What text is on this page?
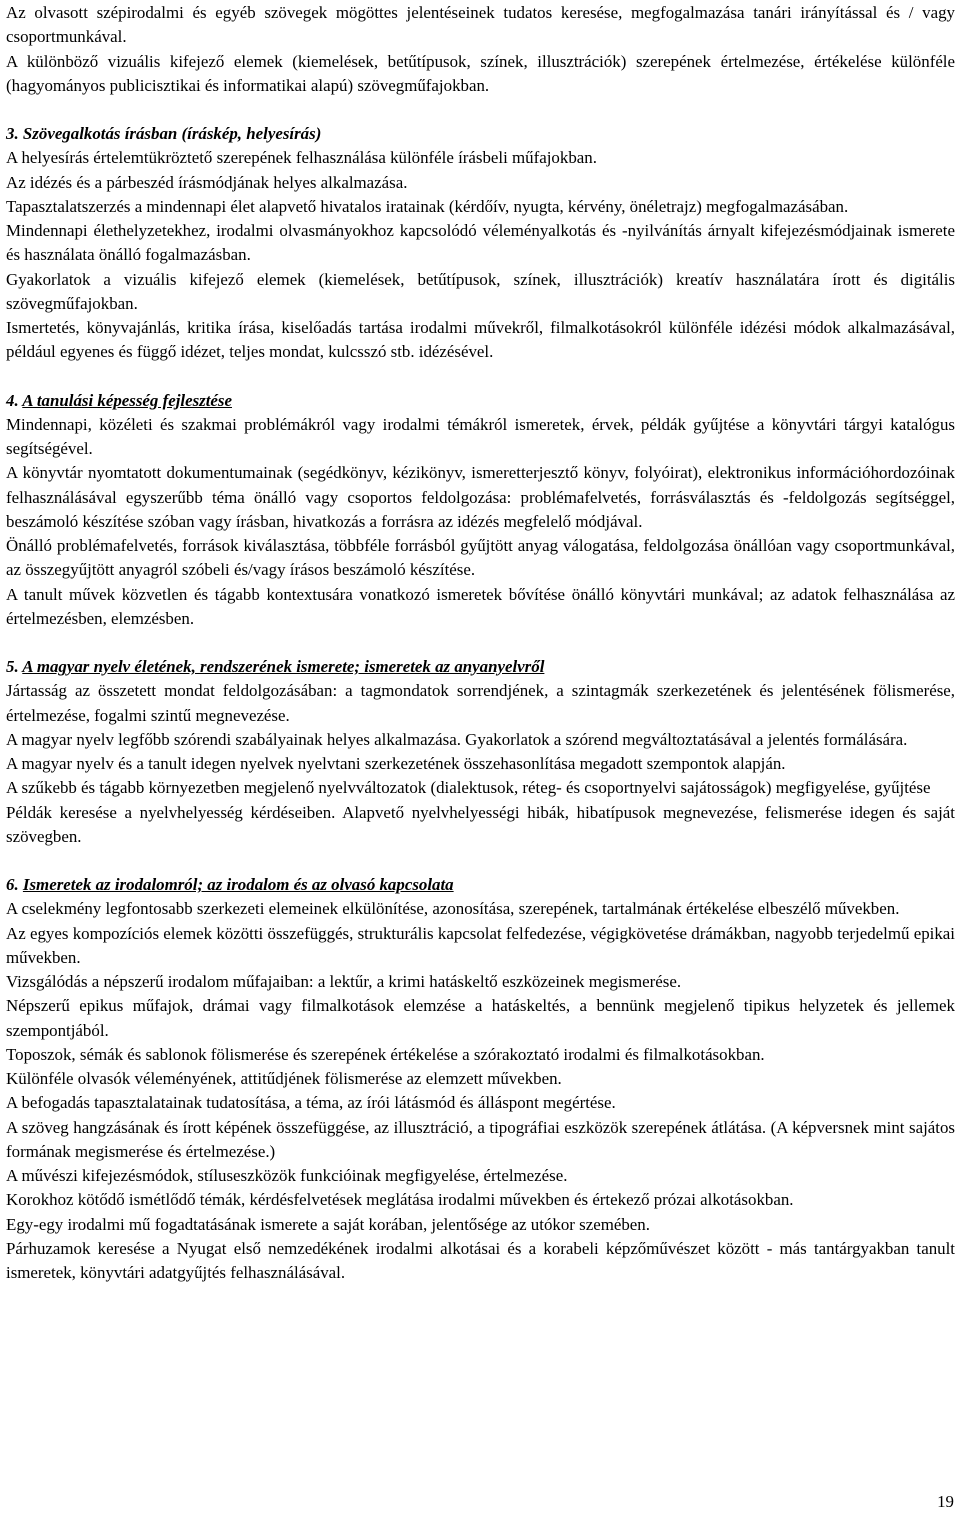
Az olvasott szépirodalmi és egyéb szövegek mögöttes jelentéseinek tudatos keresése, megfogalmazása tanári irányítással és / vagy csoportmunkával.

A különböző vizuális kifejező elemek (kiemelések, betűtípusok, színek, illusztrációk) szerepének értelmezése, értékelése különféle (hagyományos publicisztikai és informatikai alapú) szövegműfajokban.

3. Szövegalkotás írásban (íráskép, helyesírás)

A helyesírás értelemtükröztető szerepének felhasználása különféle írásbeli műfajokban.

Az idézés és a párbeszéd írásmódjának helyes alkalmazása.

Tapasztalatszerzés a mindennapi élet alapvető hivatalos iratainak (kérdőív, nyugta, kérvény, önéletrajz) megfogalmazásában.

Mindennapi élethelyzetekhez, irodalmi olvasmányokhoz kapcsolódó véleményalkotás és -nyilvánítás árnyalt kifejezésmódjainak ismerete és használata önálló fogalmazásban.

Gyakorlatok a vizuális kifejező elemek (kiemelések, betűtípusok, színek, illusztrációk) kreatív használatára írott és digitális szövegműfajokban.

Ismertetés, könyvajánlás, kritika írása, kiselőadás tartása irodalmi művekről, filmalkotásokról különféle idézési módok alkalmazásával, például egyenes és függő idézet, teljes mondat, kulcsszó stb. idézésével.

4. A tanulási képesség fejlesztése

Mindennapi, közéleti és szakmai problémákról vagy irodalmi témákról ismeretek, érvek, példák gyűjtése a könyvtári tárgyi katalógus segítségével.

A könyvtár nyomtatott dokumentumainak (segédkönyv, kézikönyv, ismeretterjesztő könyv, folyóirat), elektronikus információhordozóinak felhasználásával egyszerűbb téma önálló vagy csoportos feldolgozása: problémafelvetés, forrásválasztás és -feldolgozás segítséggel, beszámoló készítése szóban vagy írásban, hivatkozás a forrásra az idézés megfelelő módjával.

Önálló problémafelvetés, források kiválasztása, többféle forrásból gyűjtött anyag válogatása, feldolgozása önállóan vagy csoportmunkával, az összegyűjtött anyagról szóbeli és/vagy írásos beszámoló készítése.

A tanult művek közvetlen és tágabb kontextusára vonatkozó ismeretek bővítése önálló könyvtári munkával; az adatok felhasználása az értelmezésben, elemzésben.

5. A magyar nyelv életének, rendszerének ismerete; ismeretek az anyanyelvről

Jártasság az összetett mondat feldolgozásában: a tagmondatok sorrendjének, a szintagmák szerkezetének és jelentésének fölismerése, értelmezése, fogalmi szintű megnevezése.

A magyar nyelv legfőbb szórendi szabályainak helyes alkalmazása. Gyakorlatok a szórend megváltoztatásával a jelentés formálására.

A magyar nyelv és a tanult idegen nyelvek nyelvtani szerkezetének összehasonlítása megadott szempontok alapján.

A szűkebb és tágabb környezetben megjelenő nyelvváltozatok (dialektusok, réteg- és csoportnyelvi sajátosságok) megfigyelése, gyűjtése

Példák keresése a nyelvhelyesség kérdéseiben. Alapvető nyelvhelyességi hibák, hibatípusok megnevezése, felismerése idegen és saját szövegben.

6. Ismeretek az irodalomról; az irodalom és az olvasó kapcsolata

A cselekmény legfontosabb szerkezeti elemeinek elkülönítése, azonosítása, szerepének, tartalmának értékelése elbeszélő művekben.

Az egyes kompozíciós elemek közötti összefüggés, strukturális kapcsolat felfedezése, végigkövetése drámákban, nagyobb terjedelmű epikai művekben.

Vizsgálódás a népszerű irodalom műfajaiban: a lektűr, a krimi hatáskeltő eszközeinek megismerése.

Népszerű epikus műfajok, drámai vagy filmalkotások elemzése a hatáskeltés, a bennünk megjelenő tipikus helyzetek és jellemek szempontjából.

Toposzok, sémák és sablonok fölismerése és szerepének értékelése a szórakoztató irodalmi és filmalkotásokban.

Különféle olvasók véleményének, attitűdjének fölismerése az elemzett művekben.

A befogadás tapasztalatainak tudatosítása, a téma, az írói látásmód és álláspont megértése.

A szöveg hangzásának és írott képének összefüggése, az illusztráció, a tipográfiai eszközök szerepének átlátása. (A képversnek mint sajátos formának megismerése és értelmezése.)

A művészi kifejezésmódok, stíluseszközök funkcióinak megfigyelése, értelmezése.

Korokhoz kötődő ismétlődő témák, kérdésfelvetések meglátása irodalmi művekben és értekező prózai alkotásokban.

Egy-egy irodalmi mű fogadtatásának ismerete a saját korában, jelentősége az utókor szemében.

Párhuzamok keresése a Nyugat első nemzedékének irodalmi alkotásai és a korabeli képzőművészet között - más tantárgyakban tanult ismeretek, könyvtári adatgyűjtés felhasználásával.

19
